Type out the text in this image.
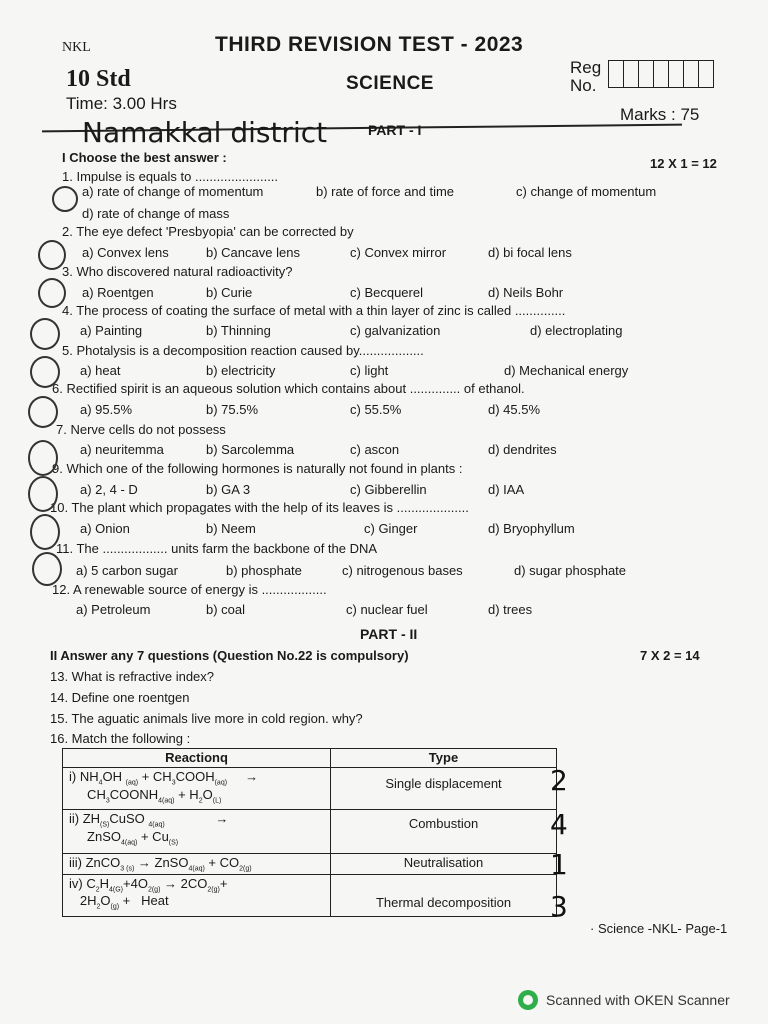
NKL	THIRD REVISION TEST - 2023
10 Std	SCIENCE
Time: 3.00 Hrs
Reg
No.
Marks : 75
Namakkal district	PART - I
I Choose the best answer :	12 X 1 = 12
1. Impulse is equals to .......................
a) rate of change of momentum	b) rate of force and time	c) change of momentum
d) rate of change of mass
2. The eye defect 'Presbyopia' can be corrected by
a) Convex lens	b) Cancave lens	c) Convex mirror	d) bi focal lens
3. Who discovered natural radioactivity?
a) Roentgen	b) Curie	c) Becquerel	d) Neils Bohr
4. The process of coating the surface of metal with a thin layer of zinc is called ..............
a) Painting	b) Thinning	c) galvanization	d) electroplating
5. Photalysis is a decomposition reaction caused by..................
a) heat	b) electricity	c) light	d) Mechanical energy
6. Rectified spirit is an aqueous solution which contains about .............. of ethanol.
a) 95.5%	b) 75.5%	c) 55.5%	d) 45.5%
7. Nerve cells do not possess
a) neuritemma	b) Sarcolemma	c) ascon	d) dendrites
9. Which one of the following hormones is naturally not found in plants :
a) 2, 4 - D	b) GA 3	c) Gibberellin	d) IAA
10. The plant which propagates with the help of its leaves is ....................
a) Onion	b) Neem	c) Ginger	d) Bryophyllum
11. The .................. units farm the backbone of the DNA
a) 5 carbon sugar	b) phosphate	c) nitrogenous bases	d) sugar phosphate
12. A renewable source of energy is ..................
a) Petroleum	b) coal	c) nuclear fuel	d) trees
PART - II
II Answer any 7 questions (Question No.22 is compulsory)	7 X 2 = 14
13. What is refractive index?
14. Define one roentgen
15. The aguatic animals live more in cold region. why?
16. Match the following :
Reactionq	Type
i) $NH_4OH$ $_{(aq)} + CH_3COOH_{(aq)}$     →
$CH_3COONH_{4(aq)} + H_2O_{(L)}$	Single displacement
ii) $ZH_{(S)}CuSO$ $_{4(aq)}$              →
ZnSO$_{4(aq)}$ + $Cu_{(S)}$	Combustion
iii) ZnCO$_{3 (s)}$ → ZnSO$_{4(aq)}$ + $CO_{2(g)}$	Neutralisation
iv) $C_2H_{4(G)}+4O_{2(g)} \to 2CO_{2(g)}+$
$2H_2O_{(g)}$ +   Heat	Thermal decomposition
2
4
1
3
· Science -NKL- Page-1
Scanned with OKEN Scanner
